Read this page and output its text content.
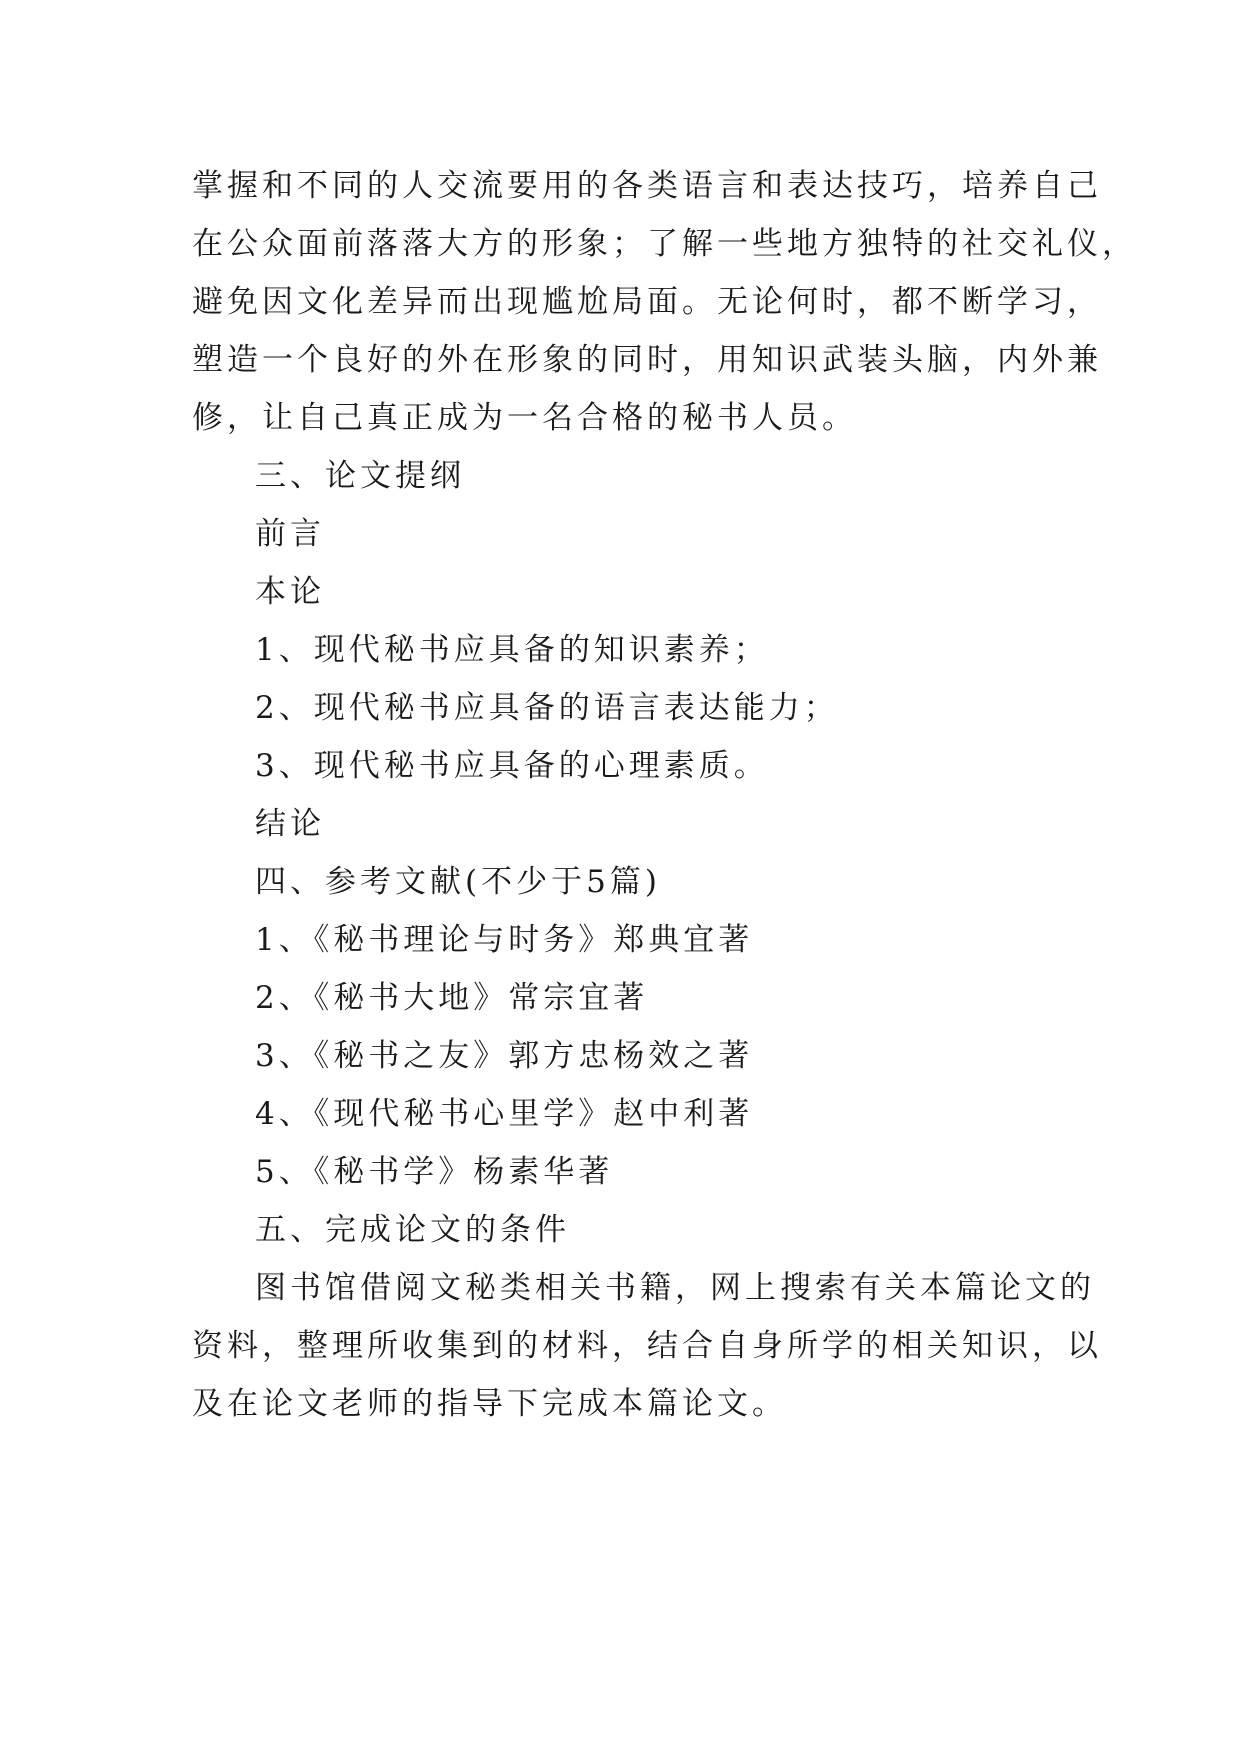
掌握和不同的人交流要用的各类语言和表达技巧，培养自己
在公众面前落落大方的形象；了解一些地方独特的社交礼仪，
避免因文化差异而出现尴尬局面。无论何时，都不断学习，
塑造一个良好的外在形象的同时，用知识武装头脑，内外兼
修，让自己真正成为一名合格的秘书人员。
三、论文提纲
前言
本论
1、现代秘书应具备的知识素养；
2、现代秘书应具备的语言表达能力；
3、现代秘书应具备的心理素质。
结论
四、参考文献(不少于5篇)
1、《秘书理论与时务》郑典宜著
2、《秘书大地》常宗宜著
3、《秘书之友》郭方忠杨效之著
4、《现代秘书心里学》赵中利著
5、《秘书学》杨素华著
五、完成论文的条件
图书馆借阅文秘类相关书籍，网上搜索有关本篇论文的
资料，整理所收集到的材料，结合自身所学的相关知识，以
及在论文老师的指导下完成本篇论文。
